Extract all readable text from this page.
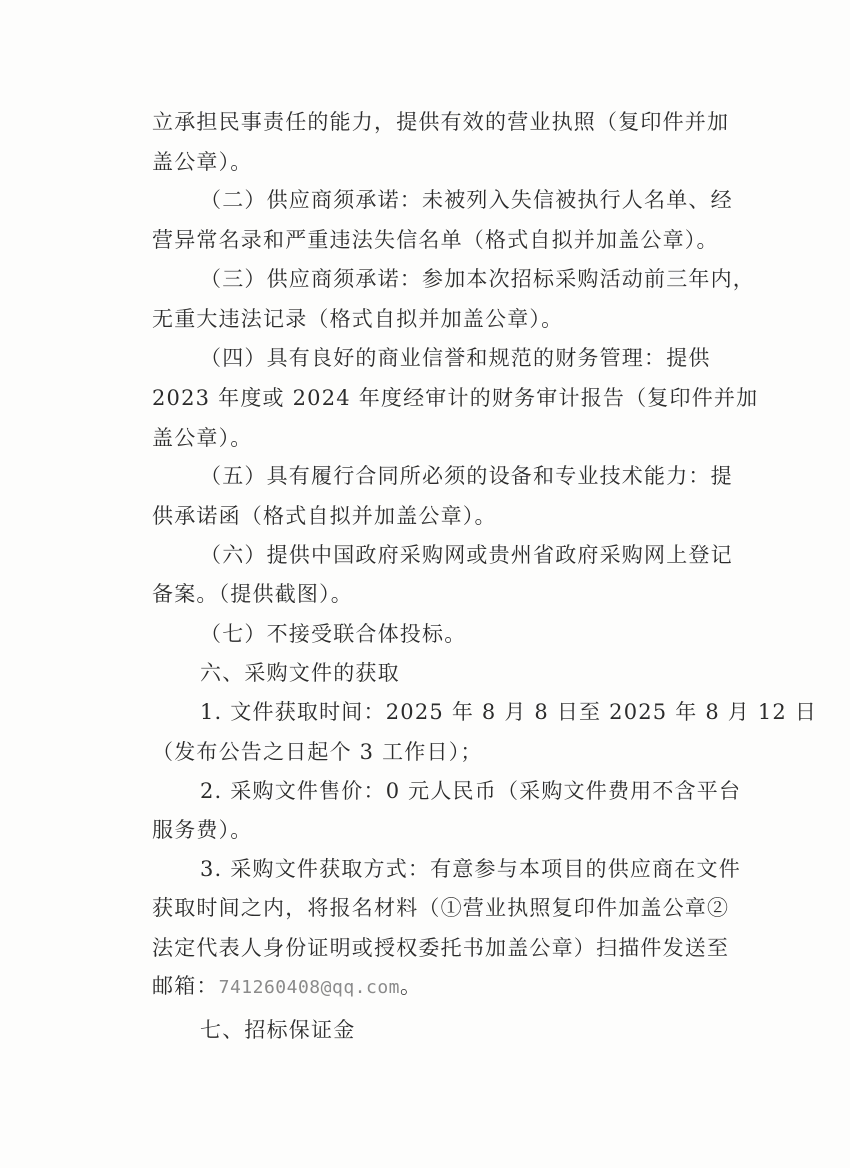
立承担民事责任的能力，提供有效的营业执照（复印件并加
盖公章）。
（二）供应商须承诺：未被列入失信被执行人名单、经
营异常名录和严重违法失信名单（格式自拟并加盖公章）。
（三）供应商须承诺：参加本次招标采购活动前三年内，
无重大违法记录（格式自拟并加盖公章）。
（四）具有良好的商业信誉和规范的财务管理：提供
2023 年度或 2024 年度经审计的财务审计报告（复印件并加
盖公章）。
（五）具有履行合同所必须的设备和专业技术能力：提
供承诺函（格式自拟并加盖公章）。
（六）提供中国政府采购网或贵州省政府采购网上登记
备案。（提供截图）。
（七）不接受联合体投标。
六、采购文件的获取
1. 文件获取时间：2025 年 8 月 8 日至 2025 年 8 月 12 日
（发布公告之日起个 3 工作日）；
2. 采购文件售价：0 元人民币（采购文件费用不含平台
服务费）。
3. 采购文件获取方式：有意参与本项目的供应商在文件
获取时间之内，将报名材料（①营业执照复印件加盖公章②
法定代表人身份证明或授权委托书加盖公章）扫描件发送至
邮箱：741260408@qq.com。
七、招标保证金
